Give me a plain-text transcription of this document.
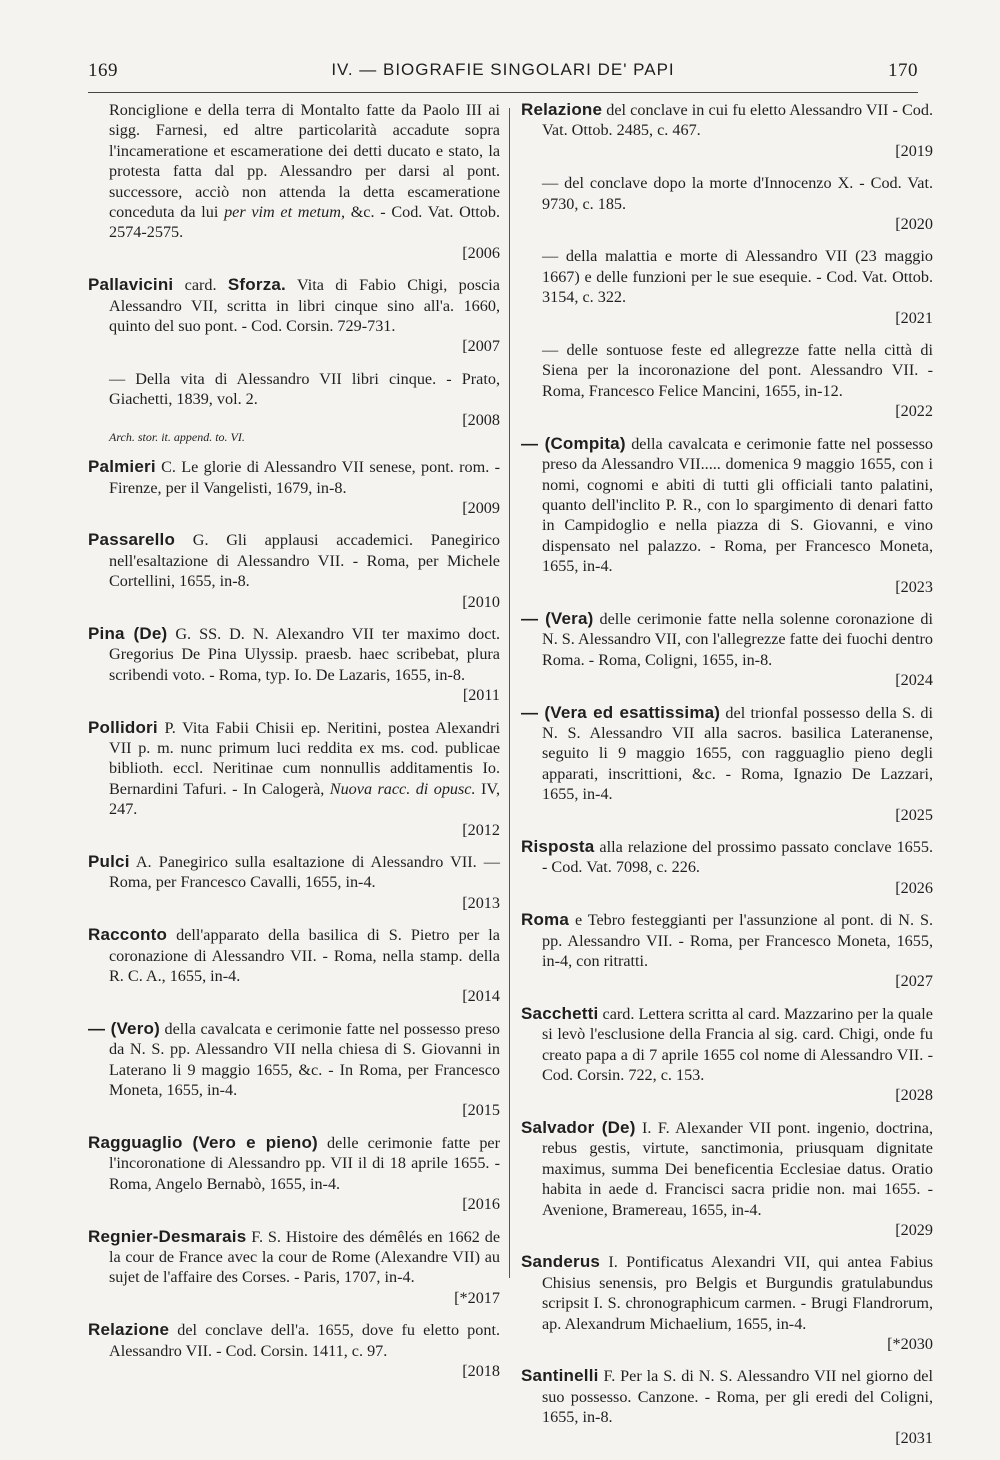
169	IV. — BIOGRAFIE SINGOLARI DE' PAPI	170
Ronciglione e della terra di Montalto fatte da Paolo III ai sigg. Farnesi, ed altre particolarità accadute sopra l'incameratione et escameratione dei detti ducato e stato, la protesta fatta dal pp. Alessandro per darsi al pont. successore, acciò non attenda la detta escameratione conceduta da lui per vim et metum, &c. - Cod. Vat. Ottob. 2574-2575.
[2006
Pallavicini card. Sforza. Vita di Fabio Chigi, poscia Alessandro VII, scritta in libri cinque sino all'a. 1660, quinto del suo pont. - Cod. Corsin. 729-731.
[2007
— Della vita di Alessandro VII libri cinque. - Prato, Giachetti, 1839, vol. 2.
[2008
Arch. stor. it. append. to. VI.
Palmieri C. Le glorie di Alessandro VII senese, pont. rom. - Firenze, per il Vangelisti, 1679, in-8.
[2009
Passarello G. Gli applausi accademici. Panegirico nell'esaltazione di Alessandro VII. - Roma, per Michele Cortellini, 1655, in-8.
[2010
Pina (De) G. SS. D. N. Alexandro VII ter maximo doct. Gregorius De Pina Ulyssip. praesb. haec scribebat, plura scribendi voto. - Roma, typ. Io. De Lazaris, 1655, in-8.
[2011
Pollidori P. Vita Fabii Chisii ep. Neritini, postea Alexandri VII p. m. nunc primum luci reddita ex ms. cod. publicae biblioth. eccl. Neritinae cum nonnullis additamentis Io. Bernardini Tafuri. - In Calogerà, Nuova racc. di opusc. IV, 247.
[2012
Pulci A. Panegirico sulla esaltazione di Alessandro VII. — Roma, per Francesco Cavalli, 1655, in-4.
[2013
Racconto dell'apparato della basilica di S. Pietro per la coronazione di Alessandro VII. - Roma, nella stamp. della R. C. A., 1655, in-4.
[2014
— (Vero) della cavalcata e cerimonie fatte nel possesso preso da N. S. pp. Alessandro VII nella chiesa di S. Giovanni in Laterano li 9 maggio 1655, &c. - In Roma, per Francesco Moneta, 1655, in-4.
[2015
Ragguaglio (Vero e pieno) delle cerimonie fatte per l'incoronatione di Alessandro pp. VII il di 18 aprile 1655. - Roma, Angelo Bernabò, 1655, in-4.
[2016
Regnier-Desmarais F. S. Histoire des démêlés en 1662 de la cour de France avec la cour de Rome (Alexandre VII) au sujet de l'affaire des Corses. - Paris, 1707, in-4.
[*2017
Relazione del conclave dell'a. 1655, dove fu eletto pont. Alessandro VII. - Cod. Corsin. 1411, c. 97.
[2018
Relazione del conclave in cui fu eletto Alessandro VII - Cod. Vat. Ottob. 2485, c. 467.
[2019
— del conclave dopo la morte d'Innocenzo X. - Cod. Vat. 9730, c. 185.
[2020
— della malattia e morte di Alessandro VII (23 maggio 1667) e delle funzioni per le sue esequie. - Cod. Vat. Ottob. 3154, c. 322.
[2021
— delle sontuose feste ed allegrezze fatte nella città di Siena per la incoronazione del pont. Alessandro VII. - Roma, Francesco Felice Mancini, 1655, in-12.
[2022
— (Compita) della cavalcata e cerimonie fatte nel possesso preso da Alessandro VII..... domenica 9 maggio 1655, con i nomi, cognomi e abiti di tutti gli officiali tanto palatini, quanto dell'inclito P. R., con lo spargimento di denari fatto in Campidoglio e nella piazza di S. Giovanni, e vino dispensato nel palazzo. - Roma, per Francesco Moneta, 1655, in-4.
[2023
— (Vera) delle cerimonie fatte nella solenne coronazione di N. S. Alessandro VII, con l'allegrezze fatte dei fuochi dentro Roma. - Roma, Coligni, 1655, in-8.
[2024
— (Vera ed esattissima) del trionfal possesso della S. di N. S. Alessandro VII alla sacros. basilica Lateranense, seguito li 9 maggio 1655, con ragguaglio pieno degli apparati, inscrittioni, &c. - Roma, Ignazio De Lazzari, 1655, in-4.
[2025
Risposta alla relazione del prossimo passato conclave 1655. - Cod. Vat. 7098, c. 226.
[2026
Roma e Tebro festeggianti per l'assunzione al pont. di N. S. pp. Alessandro VII. - Roma, per Francesco Moneta, 1655, in-4, con ritratti.
[2027
Sacchetti card. Lettera scritta al card. Mazzarino per la quale si levò l'esclusione della Francia al sig. card. Chigi, onde fu creato papa a di 7 aprile 1655 col nome di Alessandro VII. - Cod. Corsin. 722, c. 153.
[2028
Salvador (De) I. F. Alexander VII pont. ingenio, doctrina, rebus gestis, virtute, sanctimonia, priusquam dignitate maximus, summa Dei beneficentia Ecclesiae datus. Oratio habita in aede d. Francisci sacra pridie non. mai 1655. - Avenione, Bramereau, 1655, in-4.
[2029
Sanderus I. Pontificatus Alexandri VII, qui antea Fabius Chisius senensis, pro Belgis et Burgundis gratulabundus scripsit I. S. chronographicum carmen. - Brugi Flandrorum, ap. Alexandrum Michaelium, 1655, in-4.
[*2030
Santinelli F. Per la S. di N. S. Alessandro VII nel giorno del suo possesso. Canzone. - Roma, per gli eredi del Coligni, 1655, in-8.
[2031
